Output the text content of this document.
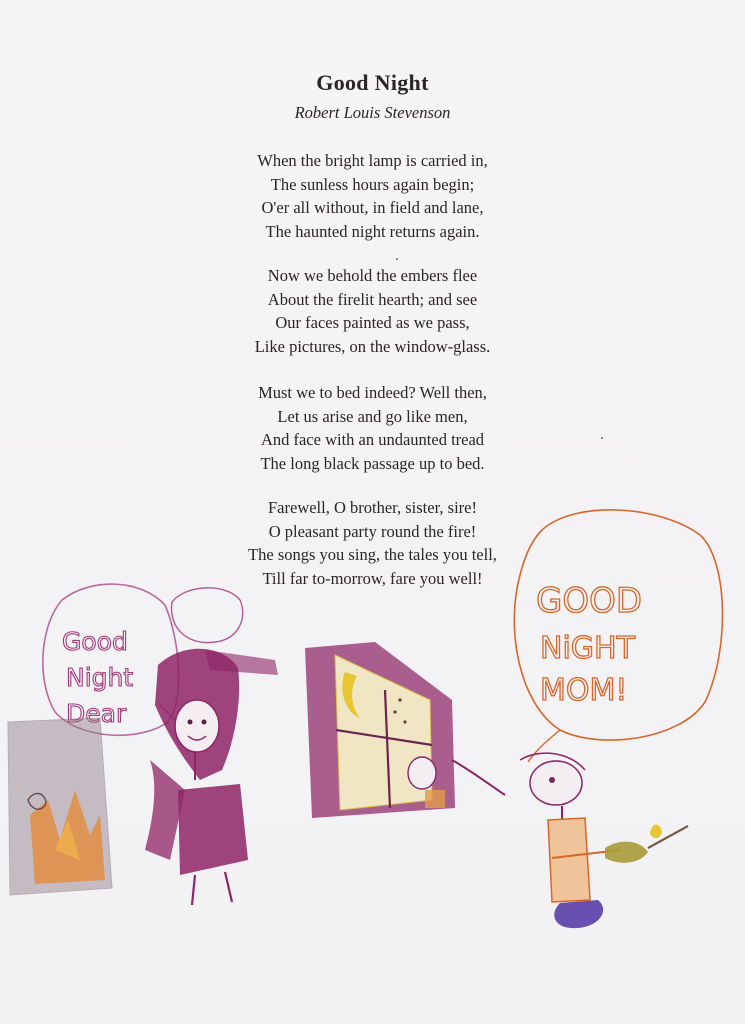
Good Night
Robert Louis Stevenson
When the bright lamp is carried in,
The sunless hours again begin;
O'er all without, in field and lane,
The haunted night returns again.
Now we behold the embers flee
About the firelit hearth; and see
Our faces painted as we pass,
Like pictures, on the window-glass.
Must we to bed indeed? Well then,
Let us arise and go like men,
And face with an undaunted tread
The long black passage up to bed.
Farewell, O brother, sister, sire!
O pleasant party round the fire!
The songs you sing, the tales you tell,
Till far to-morrow, fare you well!
Good
Night
Dear
GOOD
NiGHT
MOM!
